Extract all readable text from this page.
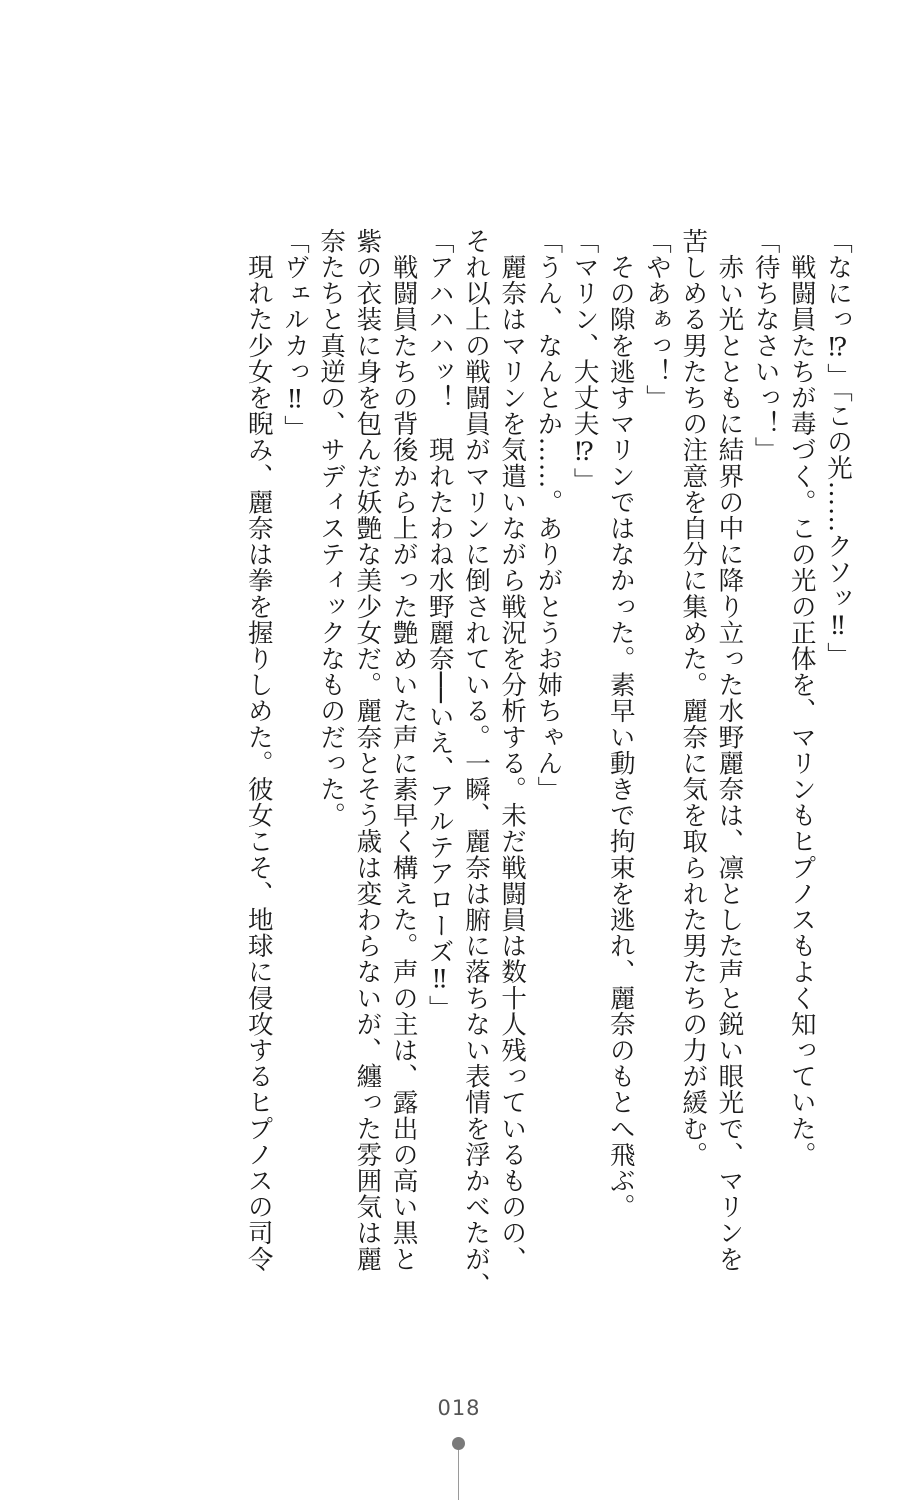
「なにっ⁉」「この光……クソッ‼」
　戦闘員たちが毒づく。この光の正体を、マリンもヒプノスもよく知っていた。
「待ちなさいっ！」
　赤い光とともに結界の中に降り立った水野麗奈は、凛とした声と鋭い眼光で、マリンを
苦しめる男たちの注意を自分に集めた。麗奈に気を取られた男たちの力が緩む。
「やあぁっ！」
　その隙を逃すマリンではなかった。素早い動きで拘束を逃れ、麗奈のもとへ飛ぶ。
「マリン、大丈夫⁉」
「うん、なんとか……。ありがとうお姉ちゃん」
　麗奈はマリンを気遣いながら戦況を分析する。未だ戦闘員は数十人残っているものの、
それ以上の戦闘員がマリンに倒されている。一瞬、麗奈は腑に落ちない表情を浮かべたが、
「アハハハッ！　現れたわね水野麗奈──いえ、アルテアローズ‼」
　戦闘員たちの背後から上がった艶めいた声に素早く構えた。声の主は、露出の高い黒と
紫の衣装に身を包んだ妖艶な美少女だ。麗奈とそう歳は変わらないが、纏った雰囲気は麗
奈たちと真逆の、サディスティックなものだった。
「ヴェルカっ‼」
　現れた少女を睨み、麗奈は拳を握りしめた。彼女こそ、地球に侵攻するヒプノスの司令
018
